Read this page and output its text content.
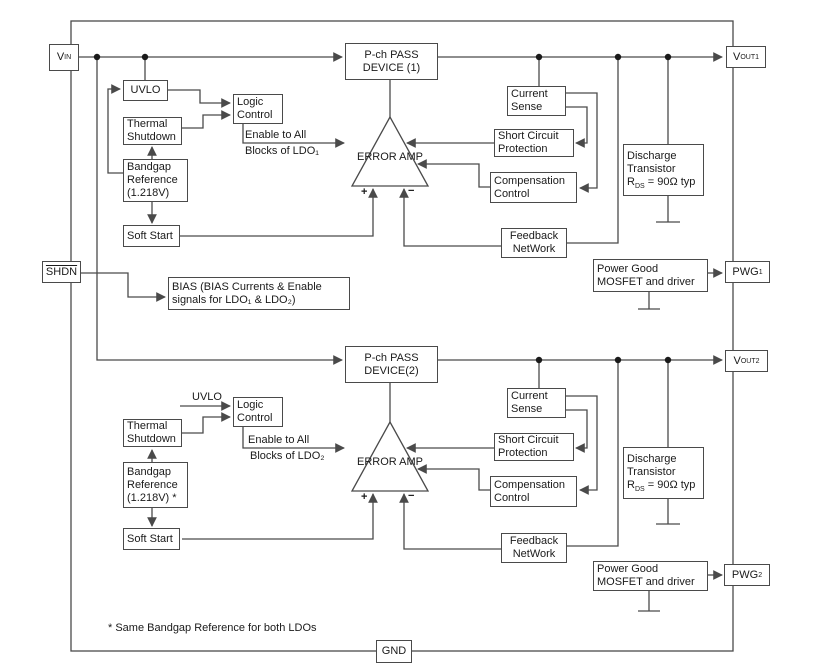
P-ch PASS
DEVICE (1)
UVLO
Logic
Control
Thermal
Shutdown
Bandgap
Reference
(1.218V)
Soft Start
Current
Sense
Short Circuit
Protection
Compensation
Control
Feedback
NetWork
Discharge
Transistor
$R_{DS} = 90\Omega$ typ
Power Good
MOSFET and driver
BIAS (BIAS Currents & Enable
signals for LDO₁ & LDO₂)
P-ch PASS
DEVICE(2)
Logic
Control
Thermal
Shutdown
Bandgap
Reference
(1.218V) *
Soft Start
Current
Sense
Short Circuit
Protection
Compensation
Control
Feedback
NetWork
Discharge
Transistor
$R_{DS} = 90\Omega$ typ
Power Good
MOSFET and driver
V IN
SHDN
V OUT1
PWG 1
V OUT2
PWG 2
GND
ERROR AMP
+	−
ERROR AMP
+	−
Enable to All
Blocks of LDO₁
Enable to All
Blocks of LDO₂
UVLO
* Same Bandgap Reference for both LDOs
